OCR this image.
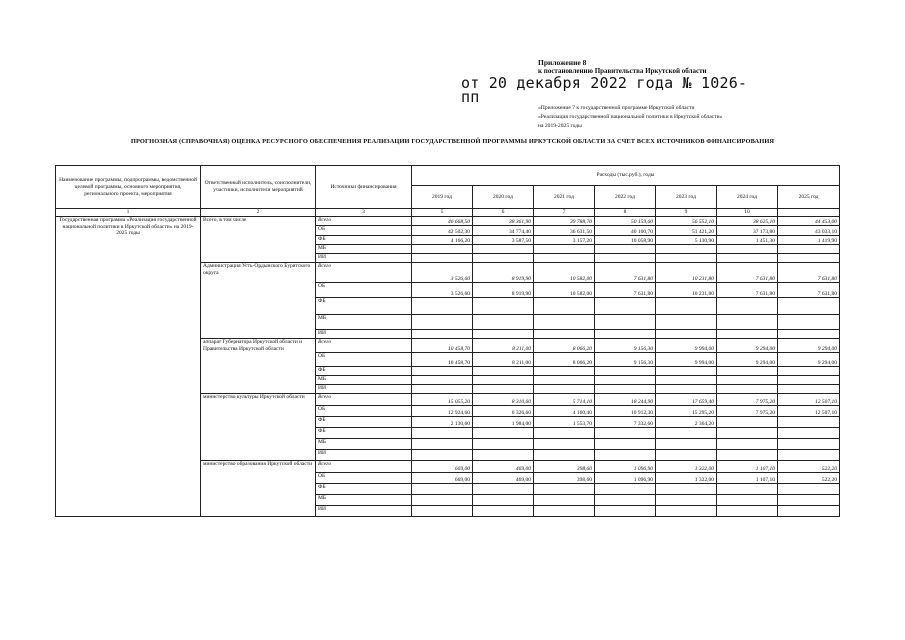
Приложение 8
к постановлению Правительства Иркутской области
от 20 декабря 2022 года № 1026-пп
«Приложение 7 к государственной программе Иркутской области
«Реализация государственной национальной политики в Иркутской области»
на 2019-2025 годы
ПРОГНОЗНАЯ (СПРАВОЧНАЯ) ОЦЕНКА РЕСУРСНОГО ОБЕСПЕЧЕНИЯ РЕАЛИЗАЦИИ ГОСУДАРСТВЕННОЙ ПРОГРАММЫ ИРКУТСКОЙ ОБЛАСТИ ЗА СЧЕТ ВСЕХ ИСТОЧНИКОВ ФИНАНСИРОВАНИЯ
Наименование программы, подпрограммы, ведомственной целевой программы, основного мероприятия, регионального проекта, мероприятия	Ответственный исполнитель, соисполнители, участники, исполнители мероприятий	Источники финансирования	Расходы (тыс.руб.), годы						
			2019 год	2020 год	2021 год	2022 год	2023 год	2024 год	2025 год
1	2	3	5	6	7	8	9	10	
Государственная программа «Реализация государственной национальной политики в Иркутской области» на 2019-2025 годы	Всего, в том числе	Всего	46 668,50	38 361,90	39 788,70	50 159,60	56 552,10	38 625,10	44 453,00
		ОБ	42 502,30	34 774,40	36 631,50	40 100,70	51 421,20	37 173,80	43 033,10
		ФБ	4 166,20	3 587,50	3 157,20	10 058,90	5 130,90	1 451,30	1 419,90
		МБ							
		ИИ							
	Администрация Усть-Ордынского Бурятского округа	Всего	3 526,60	8 919,90	10 582,00	7 631,80	10 231,80	7 631,80	7 631,80
		ОБ	3 526,60	8 919,90	10 582,00	7 631,80	10 231,80	7 631,80	7 631,80
		ФБ							
		МБ							
		ИИ							
	аппарат Губернатора Иркутской области и Правительства Иркутской области	Всего	10 458,70	8 211,00	8 066,20	9 156,30	9 994,00	9 294,00	9 294,00
		ОБ	10 458,70	8 211,00	8 066,20	9 156,30	9 994,00	9 294,00	9 294,00
		ФБ							
		МБ							
		ИИ							
	министерство культуры Иркутской области	Всего	15 055,20	8 310,60	5 714,10	18 244,90	17 659,40	7 975,20	12 507,10
		ОБ	12 924,60	6 326,60	4 160,40	10 912,30	15 295,20	7 975,20	12 507,10
		ФБ	2 130,60	1 984,00	1 553,70	7 332,60	2 364,20		
		ФБ							
		МБ							
		ИИ							
	министерство образования Иркутской области	Всего	669,00	469,00	398,60	1 096,90	1 322,00	1 107,10	522,20
		ОБ	669,00	469,00	398,60	1 096,90	1 322,00	1 107,10	522,20
		ФБ							
		МБ							
		ИИ							
